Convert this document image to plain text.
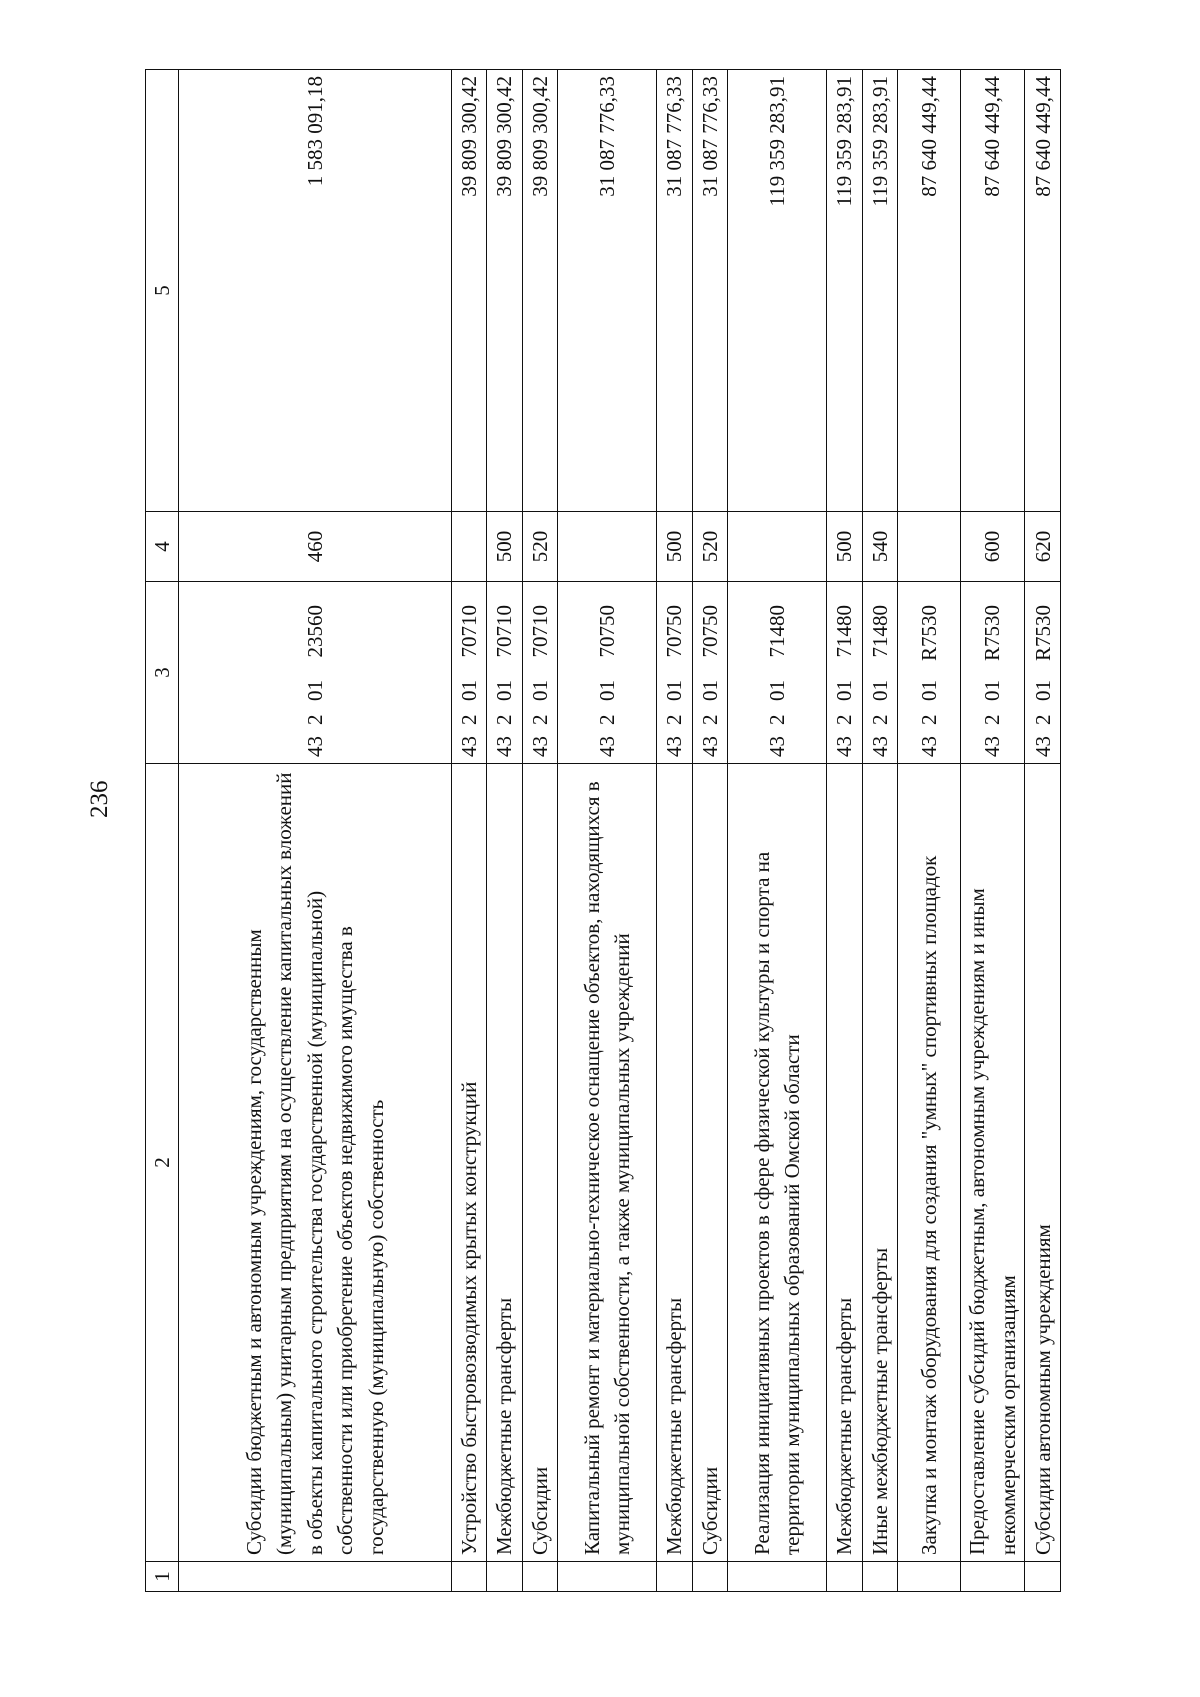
236
1	2	3	4	5
	Субсидии бюджетным и автономным учреждениям, государственным (муниципальным) унитарным предприятиям на осуществление капитальных вложений в объекты капитального строительства государственной (муниципальной) собственности или приобретение объектов недвижимого имущества в государственную (муниципальную) собственность	4320123560	460	1 583 091,18
	Устройство быстровозводимых крытых конструкций	4320170710		39 809 300,42
	Межбюджетные трансферты	4320170710	500	39 809 300,42
	Субсидии	4320170710	520	39 809 300,42
	Капитальный ремонт и материально-техническое оснащение объектов, находящихся в муниципальной собственности, а также муниципальных учреждений	4320170750		31 087 776,33
	Межбюджетные трансферты	4320170750	500	31 087 776,33
	Субсидии	4320170750	520	31 087 776,33
	Реализация инициативных проектов в сфере физической культуры и спорта на территории муниципальных образований Омской области	4320171480		119 359 283,91
	Межбюджетные трансферты	4320171480	500	119 359 283,91
	Иные межбюджетные трансферты	4320171480	540	119 359 283,91
	Закупка и монтаж оборудования для создания "умных" спортивных площадок	43201R7530		87 640 449,44
	Предоставление субсидий бюджетным, автономным учреждениям и иным некоммерческим организациям	43201R7530	600	87 640 449,44
	Субсидии автономным учреждениям	43201R7530	620	87 640 449,44
